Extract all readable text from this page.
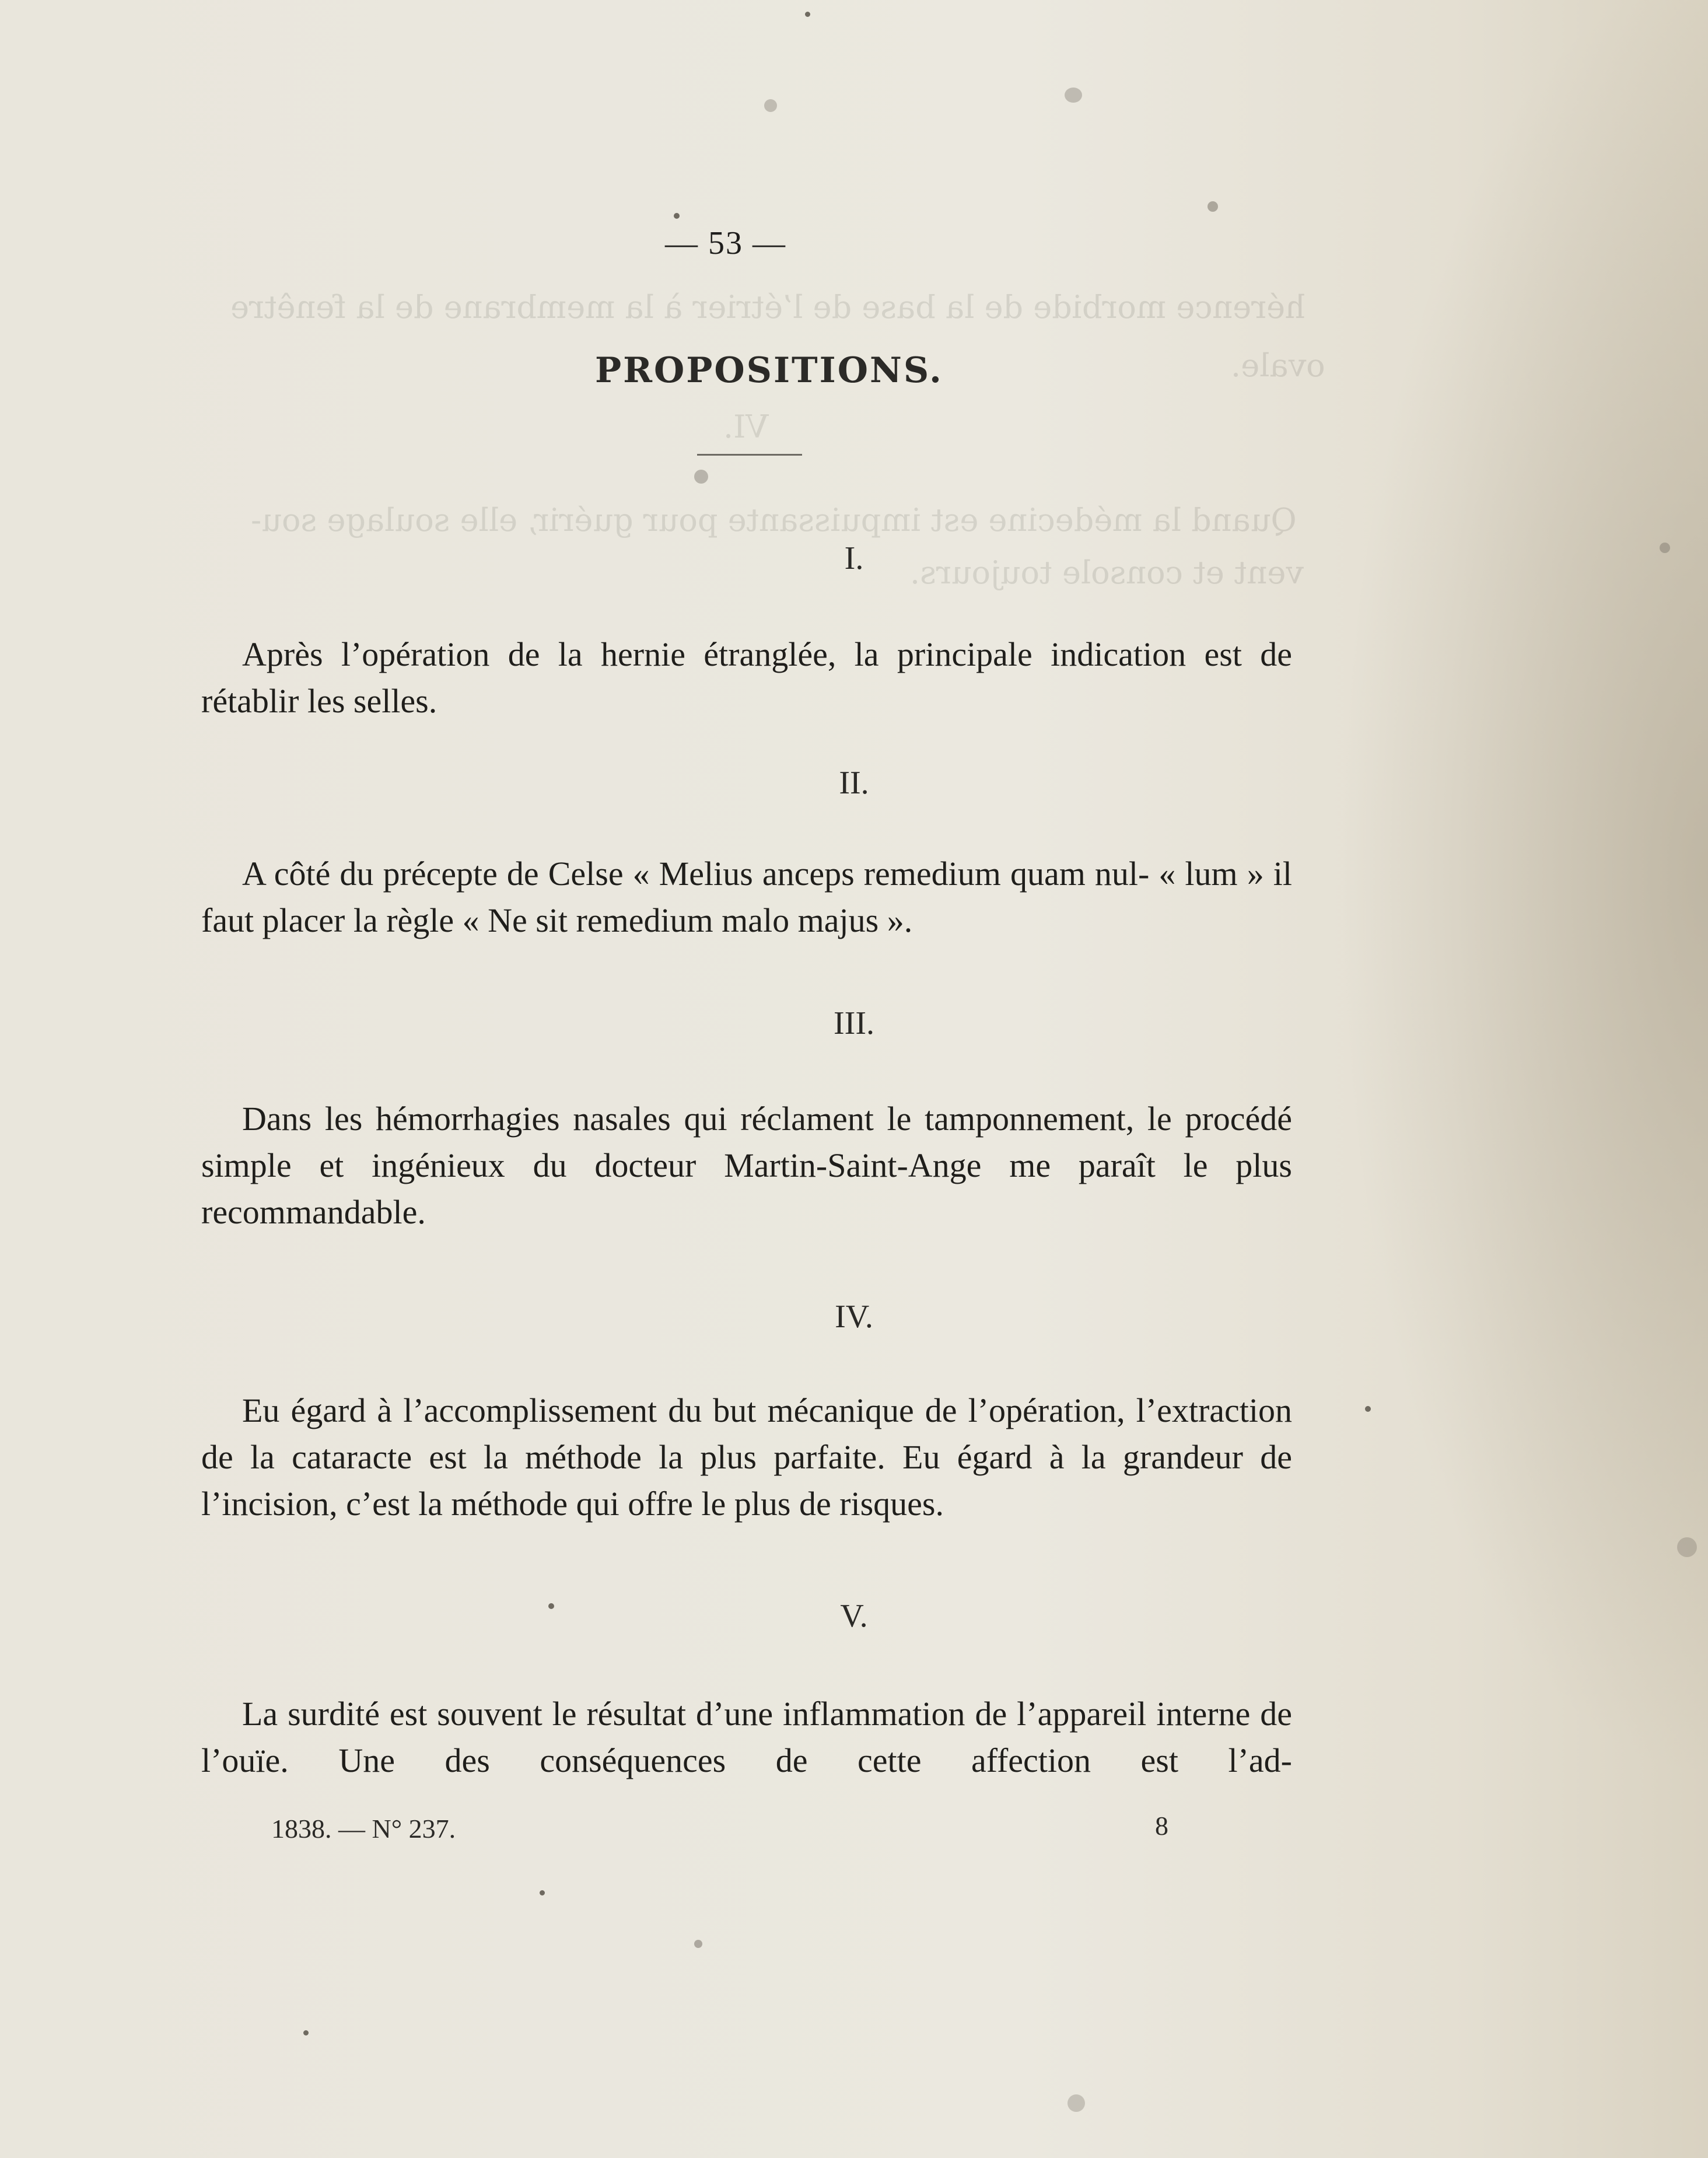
hérence morbide de la base de l’étrier à la membrane de la fenêtre
ovale.
VI.
Quand la médecine est impuissante pour guérir, elle soulage sou-
vent et console toujours.
— 53 —
PROPOSITIONS.
I.
Après l’opération de la hernie étranglée, la principale indication est de rétablir les selles.
II.
A côté du précepte de Celse « Melius anceps remedium quam nul- « lum » il faut placer la règle « Ne sit remedium malo majus ».
III.
Dans les hémorrhagies nasales qui réclament le tamponnement, le procédé simple et ingénieux du docteur Martin-Saint-Ange me paraît le plus recommandable.
IV.
Eu égard à l’accomplissement du but mécanique de l’opération, l’extraction de la cataracte est la méthode la plus parfaite. Eu égard à la grandeur de l’incision, c’est la méthode qui offre le plus de risques.
V.
La surdité est souvent le résultat d’une inflammation de l’appareil interne de l’ouïe. Une des conséquences de cette affection est l’ad-
1838. — N° 237.	8
